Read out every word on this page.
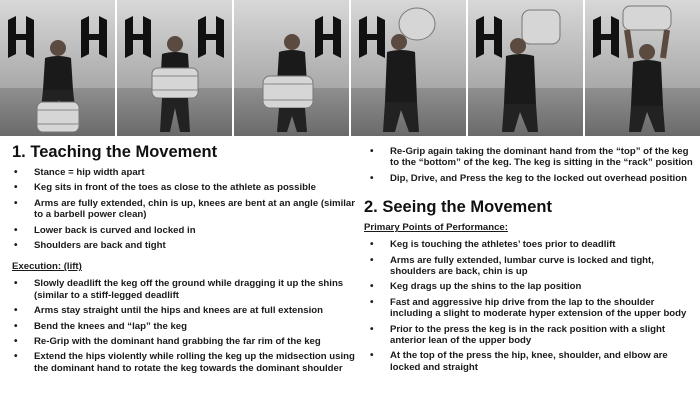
1. Teaching the Movement
• Stance = hip width apart
• Keg sits in front of the toes as close to the athlete as possible
• Arms are fully extended, chin is up, knees are bent at an angle (similar to a barbell power clean)
• Lower back is curved and locked in
• Shoulders are back and tight
Execution: (lift)
• Slowly deadlift the keg off the ground while dragging it up the shins (similar to a stiff-legged deadlift
• Arms stay straight until the hips and knees are at full extension
• Bend the knees and “lap” the keg
• Re-Grip with the dominant hand grabbing the far rim of the keg
• Extend the hips violently while rolling the keg up the midsection using the dominant hand to rotate the keg towards the dominant shoulder
• Re-Grip again taking the dominant hand from the “top” of the keg to the “bottom” of the keg. The keg is sitting in the “rack” position
• Dip, Drive, and Press the keg to the locked out overhead position
2. Seeing the Movement
Primary Points of Performance:
• Keg is touching the athletes’ toes prior to deadlift
• Arms are fully extended, lumbar curve is locked and tight, shoulders are back, chin is up
• Keg drags up the shins to the lap position
• Fast and aggressive hip drive from the lap to the shoulder including a slight to moderate hyper extension of the upper body
• Prior to the press the keg is in the rack position with a slight anterior lean of the upper body
• At the top of the press the hip, knee, shoulder, and elbow are locked and straight
